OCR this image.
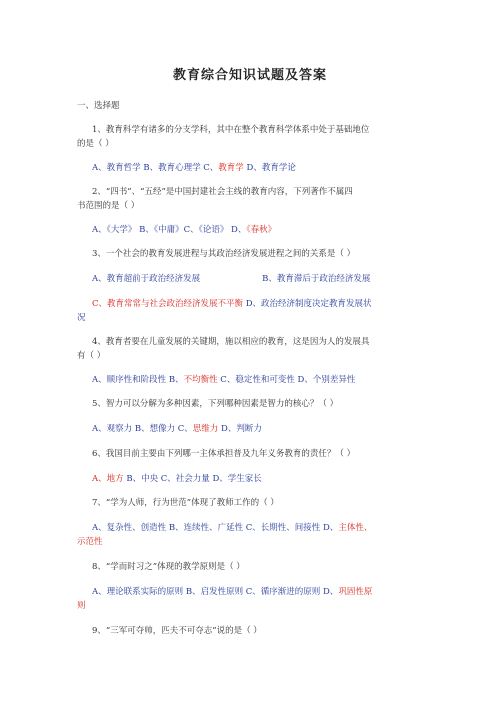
教育综合知识试题及答案
一、选择题
1、教育科学有诸多的分支学科，其中在整个教育科学体系中处于基础地位
的是（ ）
A、教育哲学 B、教育心理学 C、教育学 D、教育学论
2、“四书”、“五经”是中国封建社会主线的教育内容，下列著作不属四
书范围的是（ ）
A、《大学》 B、《中庸》C、《论语》 D、《春秋》
3、一个社会的教育发展进程与其政治经济发展进程之间的关系是（ ）
A、教育超前于政治经济发展	B、教育滞后于政治经济发展
C、教育常常与社会政治经济发展不平衡 D、政治经济制度决定教育发展状
况
4、教育者要在儿童发展的关键期，施以相应的教育，这是因为人的发展具
有（ ）
A、顺序性和阶段性 B、不均衡性 C、稳定性和可变性 D、个别差异性
5、智力可以分解为多种因素，下列哪种因素是智力的核心？（ ）
A、观察力 B、想像力 C、思维力 D、判断力
6、我国目前主要由下列哪一主体承担普及九年义务教育的责任？（ ）
A、地方 B、中央 C、社会力量 D、学生家长
7、“学为人师，行为世范”体现了教师工作的（ ）
A、复杂性、创造性 B、连续性、广延性 C、长期性、间接性 D、主体性、
示范性
8、“学而时习之”体现的教学原则是（ ）
A、理论联系实际的原则 B、启发性原则 C、循序渐进的原则 D、巩固性原
则
9、“三军可夺帅，匹夫不可夺志”说的是（ ）
